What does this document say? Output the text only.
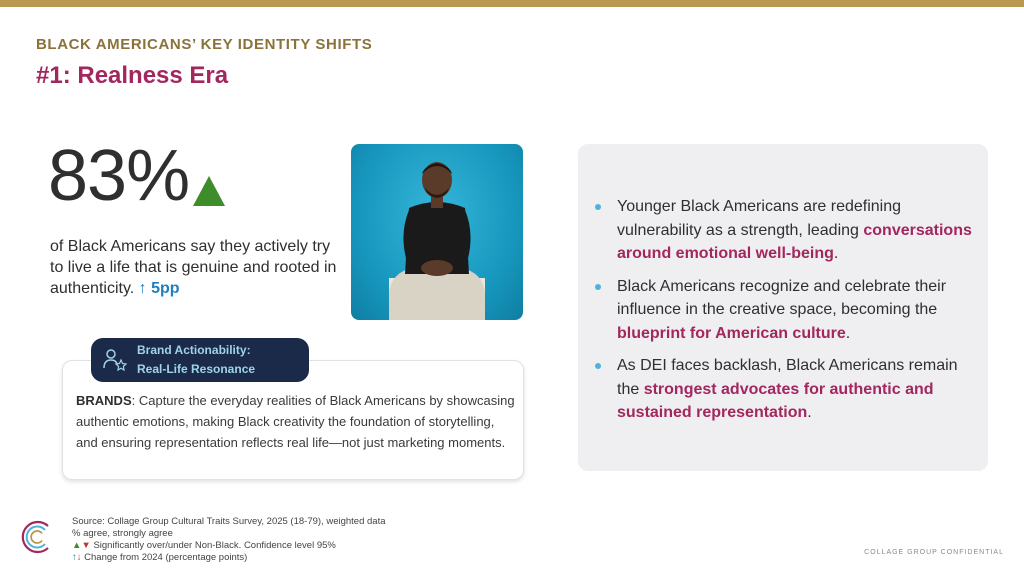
BLACK AMERICANS’ KEY IDENTITY SHIFTS
#1: Realness Era
83%
of Black Americans say they actively try to live a life that is genuine and rooted in authenticity. ↑ 5pp
Brand Actionability:
Real-Life Resonance
BRANDS: Capture the everyday realities of Black Americans by showcasing authentic emotions, making Black creativity the foundation of storytelling, and ensuring representation reflects real life—not just marketing moments.
Younger Black Americans are redefining vulnerability as a strength, leading conversations around emotional well-being.
Black Americans recognize and celebrate their influence in the creative space, becoming the blueprint for American culture.
As DEI faces backlash, Black Americans remain the strongest advocates for authentic and sustained representation.
Source: Collage Group Cultural Traits Survey, 2025 (18-79), weighted data
% agree, strongly agree
▲▼ Significantly over/under Non-Black. Confidence level 95%
↑↓ Change from 2024 (percentage points)	COLLAGE GROUP CONFIDENTIAL
